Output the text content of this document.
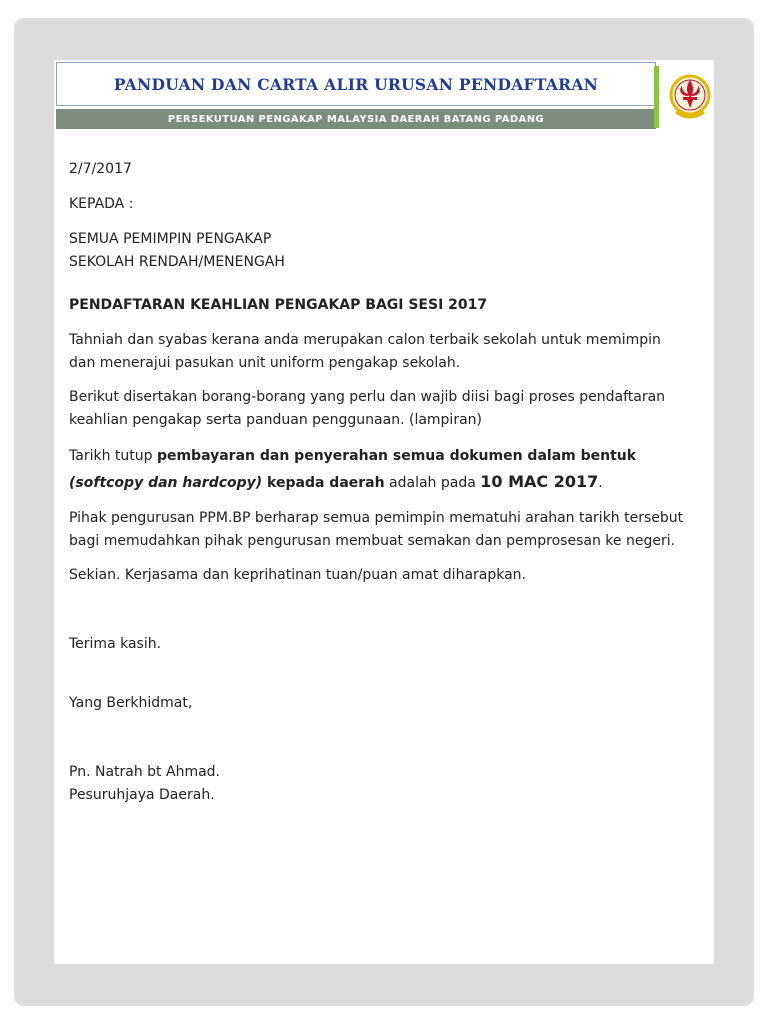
PANDUAN DAN CARTA ALIR URUSAN PENDAFTARAN
PERSEKUTUAN PENGAKAP MALAYSIA DAERAH BATANG PADANG

2/7/2017

KEPADA :

SEMUA PEMIMPIN PENGAKAP

SEKOLAH RENDAH/MENENGAH

PENDAFTARAN KEAHLIAN PENGAKAP BAGI SESI 2017

Tahniah dan syabas kerana anda merupakan calon terbaik sekolah untuk memimpin dan menerajui pasukan unit uniform pengakap sekolah.

Berikut disertakan borang-borang yang perlu dan wajib diisi bagi proses pendaftaran keahlian pengakap serta panduan penggunaan. (lampiran)

Tarikh tutup pembayaran dan penyerahan semua dokumen dalam bentuk
(softcopy dan hardcopy) kepada daerah adalah pada 10 MAC 2017.

Pihak pengurusan PPM.BP berharap semua pemimpin mematuhi arahan tarikh tersebut bagi memudahkan pihak pengurusan membuat semakan dan pemprosesan ke negeri.

Sekian. Kerjasama dan keprihatinan tuan/puan amat diharapkan.

Terima kasih.

Yang Berkhidmat,

Pn. Natrah bt Ahmad.

Pesuruhjaya Daerah.
